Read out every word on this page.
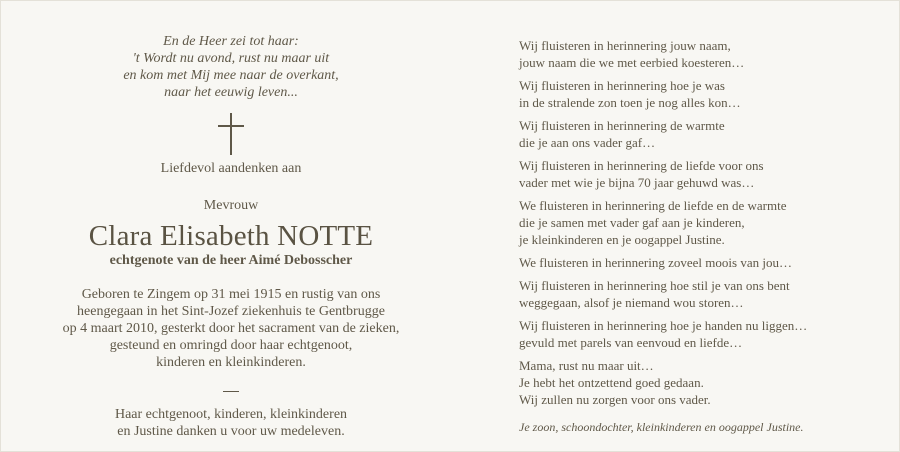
En de Heer zei tot haar:
't Wordt nu avond, rust nu maar uit
en kom met Mij mee naar de overkant,
naar het eeuwig leven...
Liefdevol aandenken aan
Mevrouw
Clara Elisabeth NOTTE
echtgenote van de heer Aimé Debosscher
Geboren te Zingem op 31 mei 1915 en rustig van ons
heengegaan in het Sint-Jozef ziekenhuis te Gentbrugge
op 4 maart 2010, gesterkt door het sacrament van de zieken,
gesteund en omringd door haar echtgenoot,
kinderen en kleinkinderen.
Haar echtgenoot, kinderen, kleinkinderen
en Justine danken u voor uw medeleven.
Wij fluisteren in herinnering jouw naam,
jouw naam die we met eerbied koesteren…
Wij fluisteren in herinnering hoe je was
in de stralende zon toen je nog alles kon…
Wij fluisteren in herinnering de warmte
die je aan ons vader gaf…
Wij fluisteren in herinnering de liefde voor ons
vader met wie je bijna 70 jaar gehuwd was…
We fluisteren in herinnering de liefde en de warmte
die je samen met vader gaf aan je kinderen,
je kleinkinderen en je oogappel Justine.
We fluisteren in herinnering zoveel moois van jou…
Wij fluisteren in herinnering hoe stil je van ons bent
weggegaan, alsof je niemand wou storen…
Wij fluisteren in herinnering hoe je handen nu liggen…
gevuld met parels van eenvoud en liefde…
Mama, rust nu maar uit…
Je hebt het ontzettend goed gedaan.
Wij zullen nu zorgen voor ons vader.
Je zoon, schoondochter, kleinkinderen en oogappel Justine.
